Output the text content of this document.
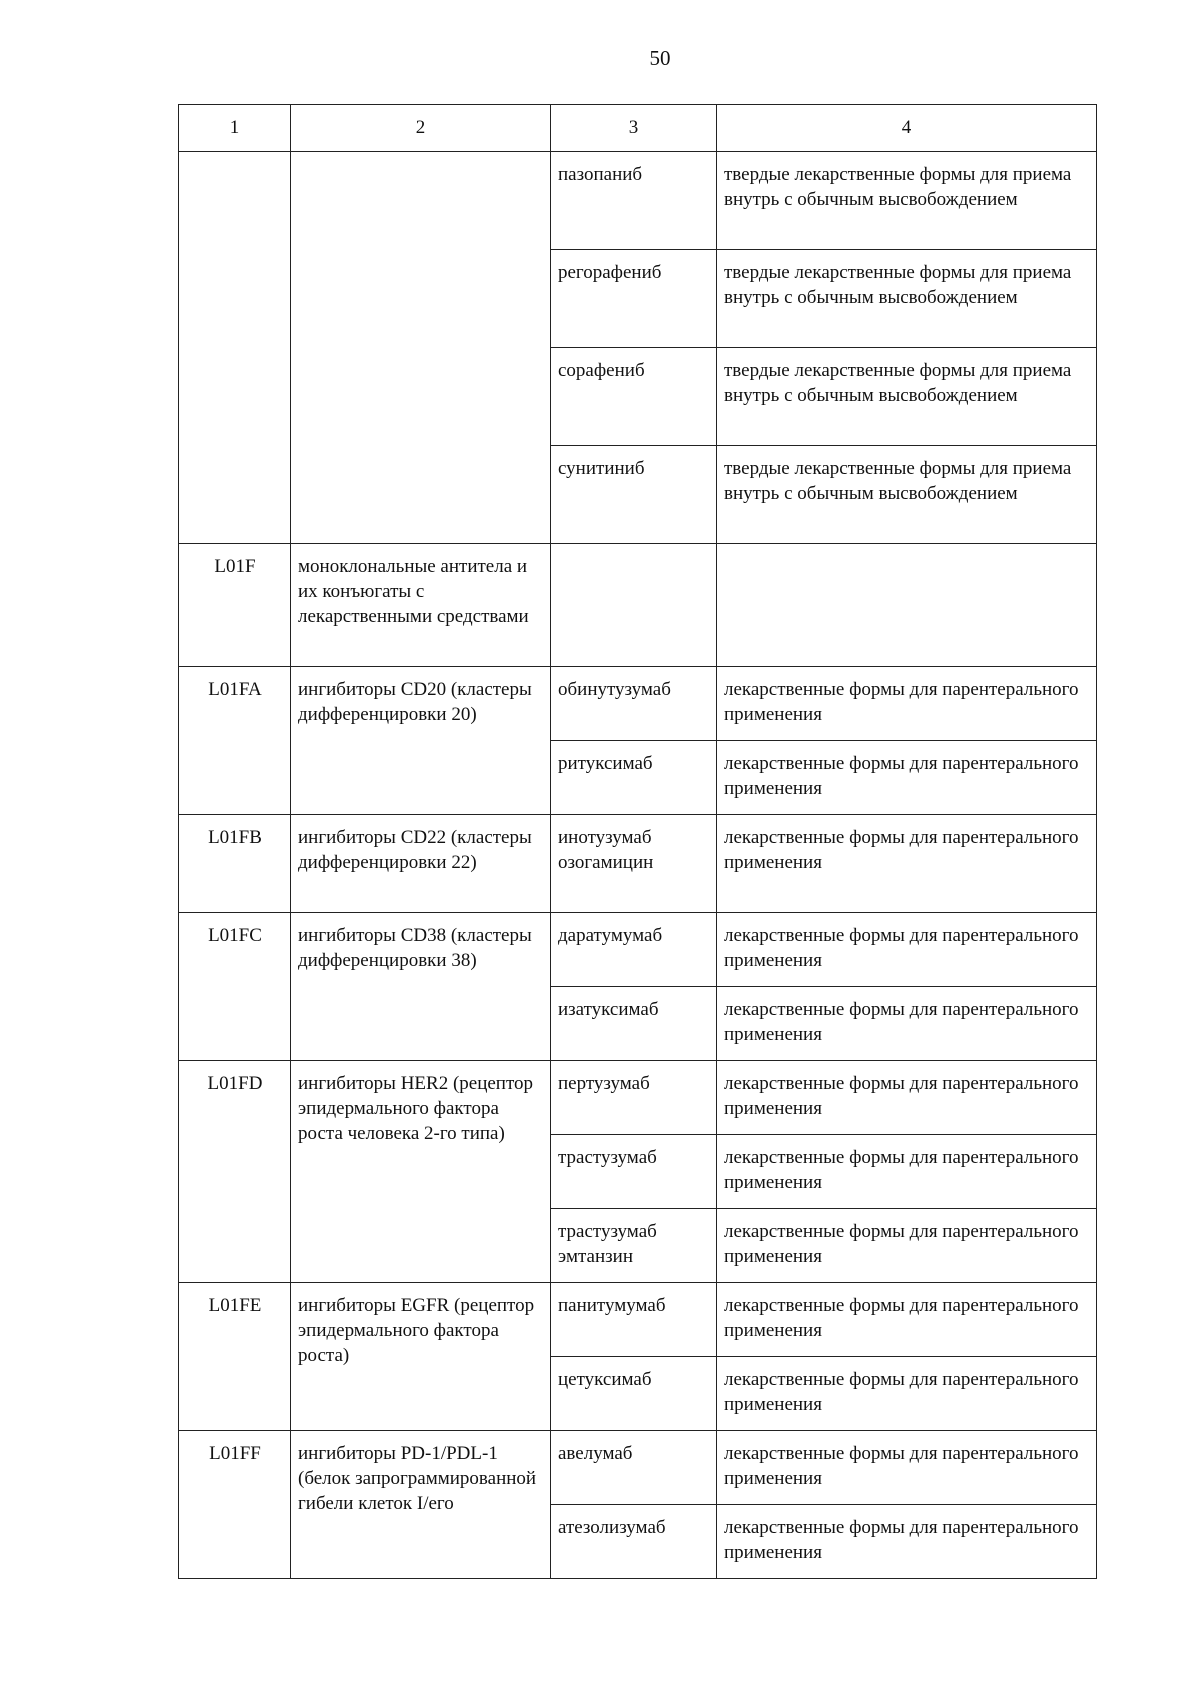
50
1	2	3	4
		пазопаниб	твердые лекарственные формы для приема внутрь с обычным высвобождением
		регорафениб	твердые лекарственные формы для приема внутрь с обычным высвобождением
		сорафениб	твердые лекарственные формы для приема внутрь с обычным высвобождением
		сунитиниб	твердые лекарственные формы для приема внутрь с обычным высвобождением
L01F	моноклональные антитела и их конъюгаты с лекарственными средствами		
L01FA	ингибиторы CD20 (кластеры дифференцировки 20)	обинутузумаб	лекарственные формы для парентерального применения
		ритуксимаб	лекарственные формы для парентерального применения
L01FB	ингибиторы CD22 (кластеры дифференцировки 22)	инотузумаб озогамицин	лекарственные формы для парентерального применения
L01FC	ингибиторы CD38 (кластеры дифференцировки 38)	даратумумаб	лекарственные формы для парентерального применения
		изатуксимаб	лекарственные формы для парентерального применения
L01FD	ингибиторы HER2 (рецептор эпидермального фактора роста человека 2-го типа)	пертузумаб	лекарственные формы для парентерального применения
		трастузумаб	лекарственные формы для парентерального применения
		трастузумаб эмтанзин	лекарственные формы для парентерального применения
L01FE	ингибиторы EGFR (рецептор эпидермального фактора роста)	панитумумаб	лекарственные формы для парентерального применения
		цетуксимаб	лекарственные формы для парентерального применения
L01FF	ингибиторы PD-1/PDL-1 (белок запрограммированной гибели клеток I/его	авелумаб	лекарственные формы для парентерального применения
		атезолизумаб	лекарственные формы для парентерального применения
